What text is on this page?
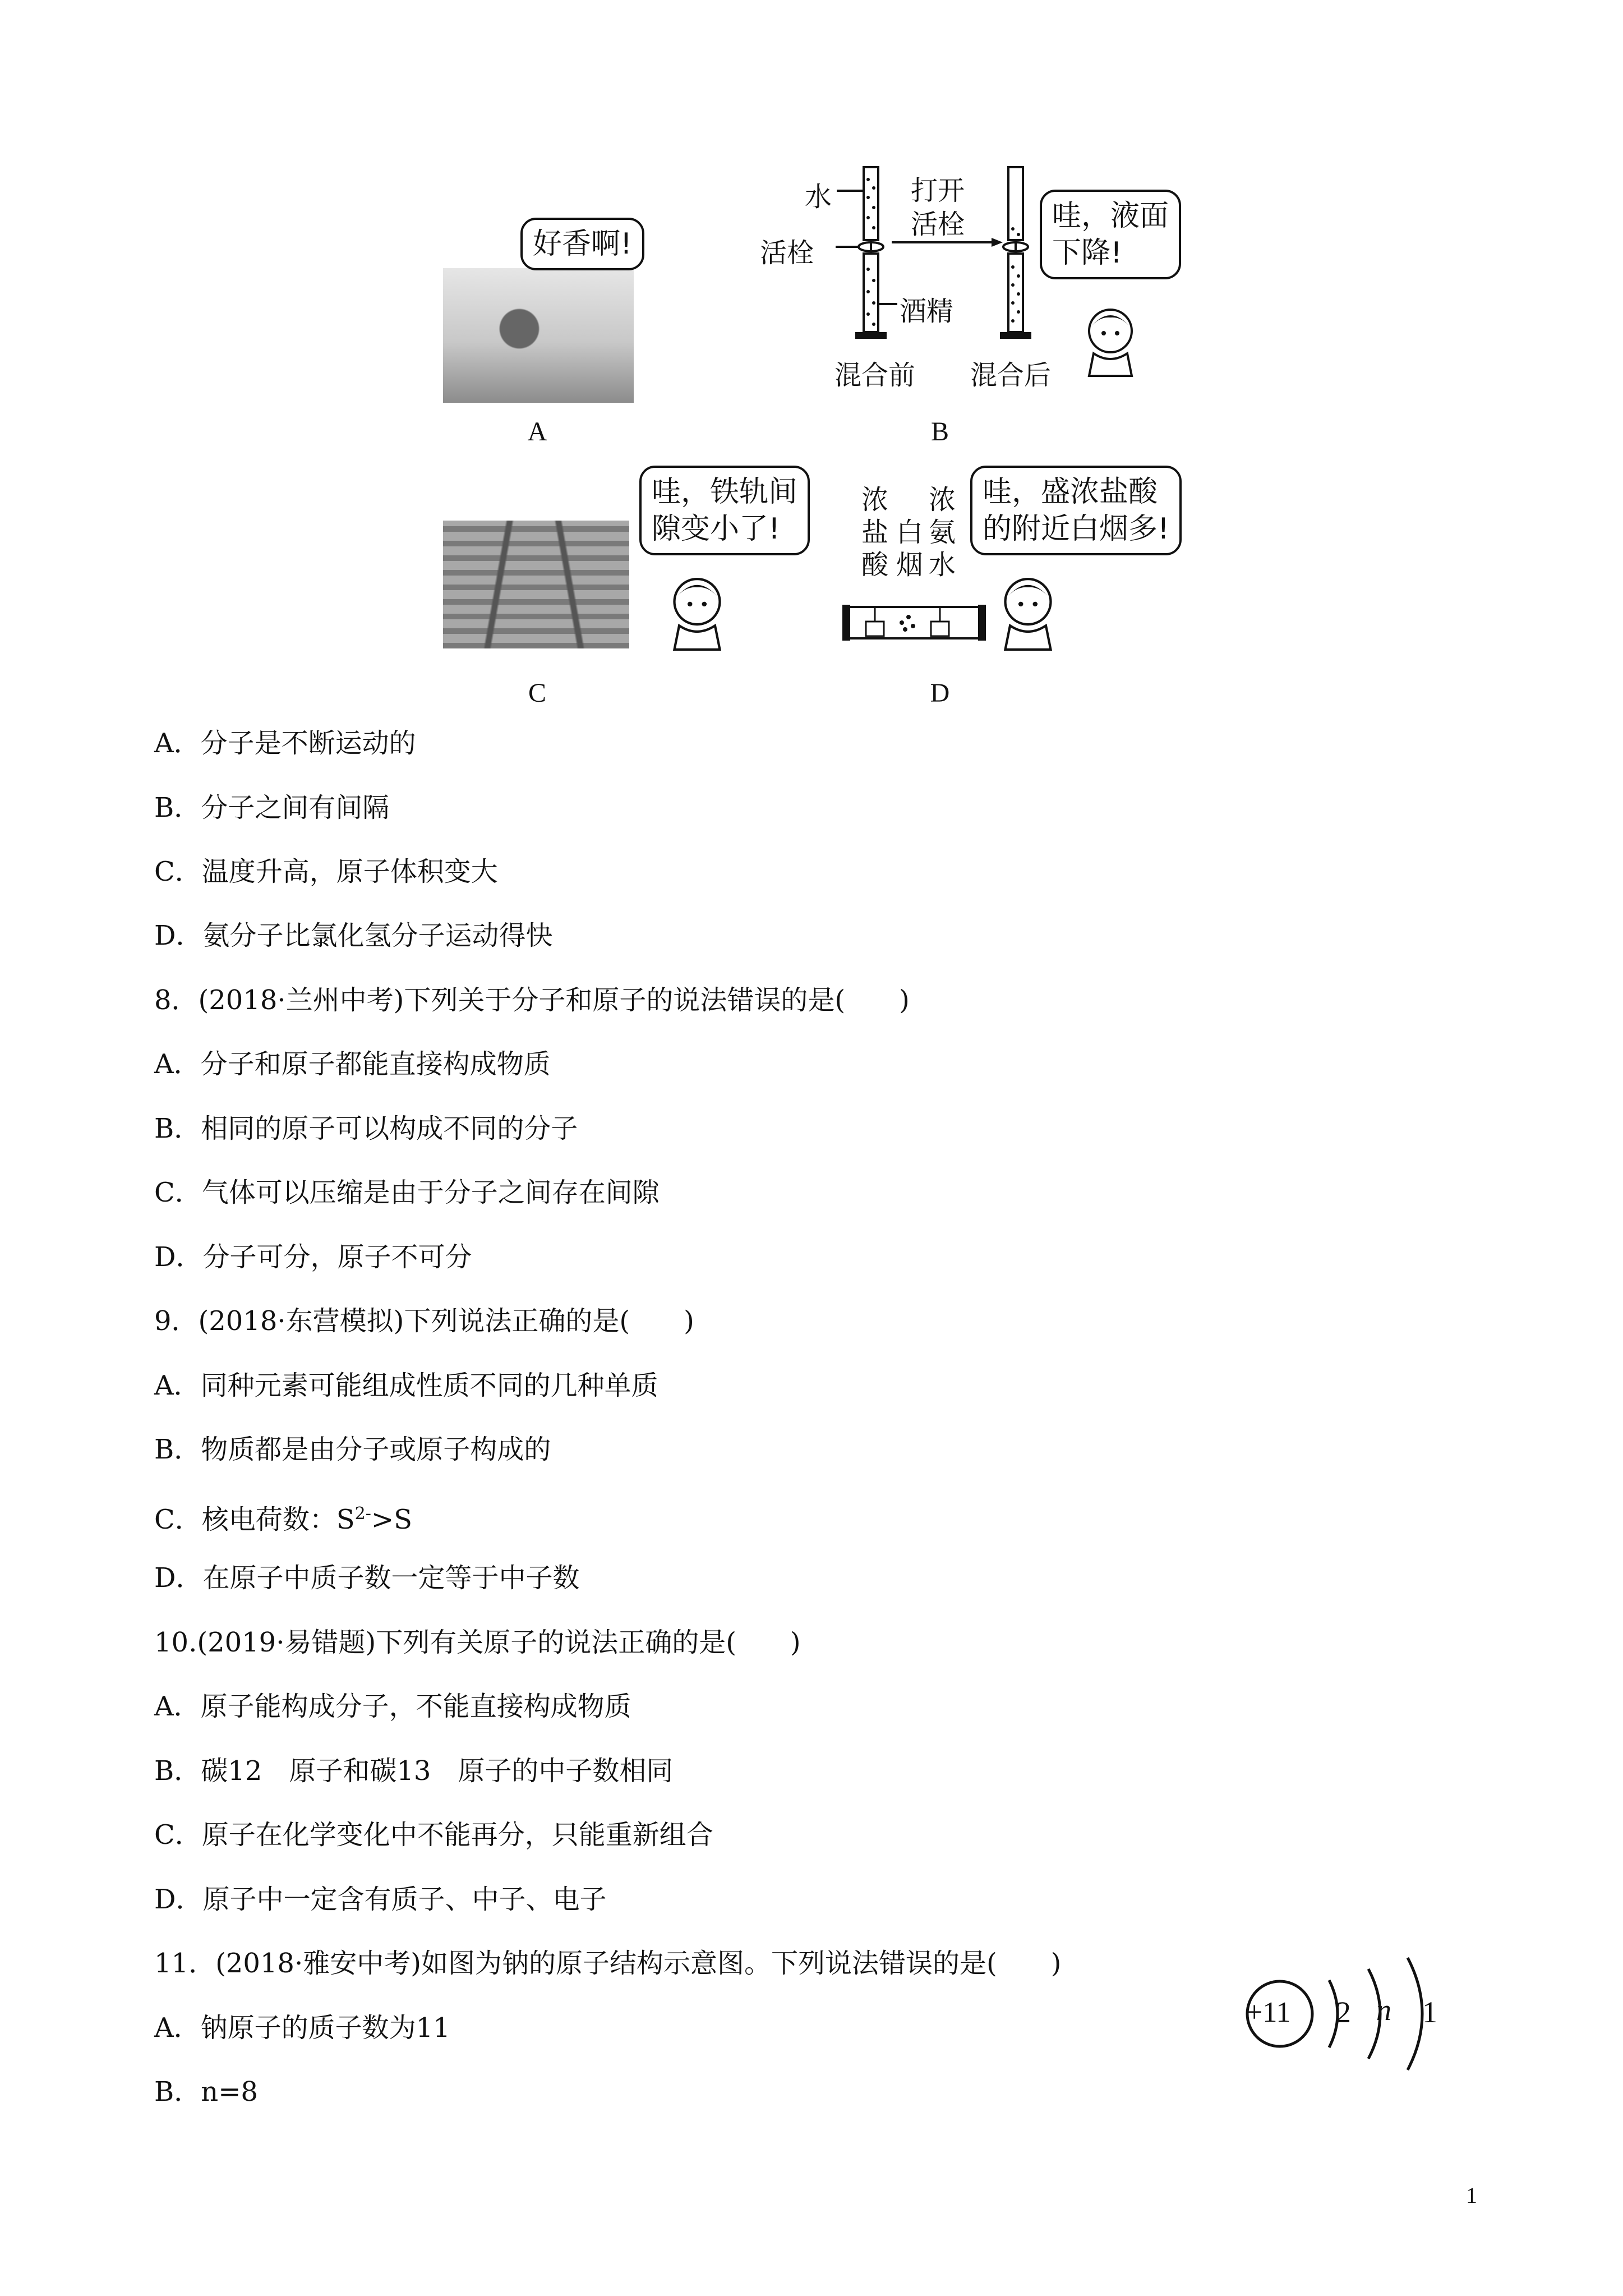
好香啊!
A
水
活栓
酒精
打开
活栓
混合前 混合后
哇，液面
下降!
B
哇，铁轨间
隙变小了!
C
浓
盐
酸
白
烟
浓
氨
水
哇，盛浓盐酸
的附近白烟多!
D
A．分子是不断运动的
B．分子之间有间隔
C．温度升高，原子体积变大
D．氨分子比氯化氢分子运动得快
8．(2018·兰州中考)下列关于分子和原子的说法错误的是(　　)
A．分子和原子都能直接构成物质
B．相同的原子可以构成不同的分子
C．气体可以压缩是由于分子之间存在间隙
D．分子可分，原子不可分
9．(2018·东营模拟)下列说法正确的是(　　)
A．同种元素可能组成性质不同的几种单质
B．物质都是由分子或原子构成的
C．核电荷数：$S^{2-}>S$
D．在原子中质子数一定等于中子数
10.(2019·易错题)下列有关原子的说法正确的是(　　)
A．原子能构成分子，不能直接构成物质
B．碳12　原子和碳13　原子的中子数相同
C．原子在化学变化中不能再分，只能重新组合
D．原子中一定含有质子、中子、电子
11．(2018·雅安中考)如图为钠的原子结构示意图。下列说法错误的是(　　)
A．钠原子的质子数为11
B．n=8
+11 2 n 1
1
